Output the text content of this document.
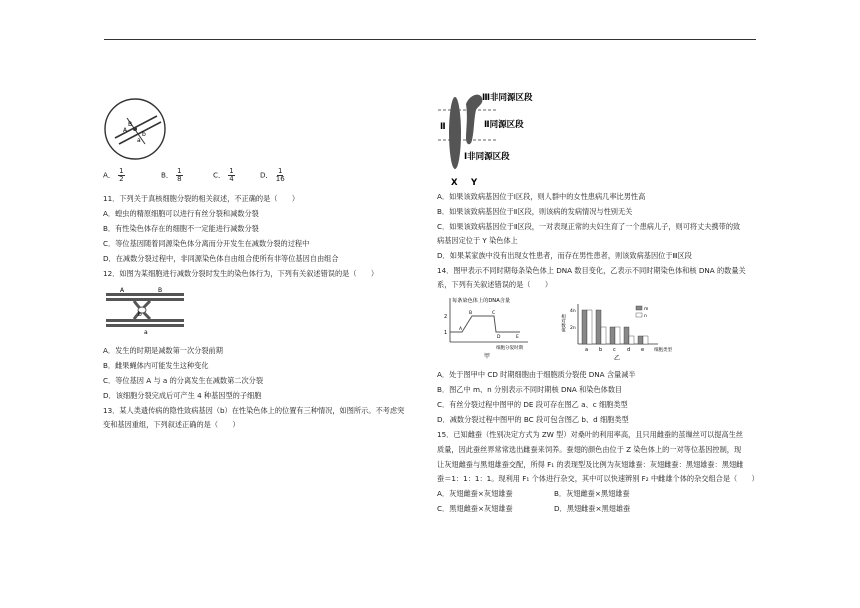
A
a
B
b
A． $\frac{1}{2}$	B． $\frac{1}{8}$	C． $\frac{1}{4}$	D． $\frac{1}{16}$
11．下列关于真核细胞分裂的相关叙述，不正确的是（　　）
A．蝗虫的精原细胞可以进行有丝分裂和减数分裂
B．有性染色体存在的细胞不一定能进行减数分裂
C．等位基因随着同源染色体分离而分开发生在减数分裂的过程中
D．在减数分裂过程中，非同源染色体自由组合使所有非等位基因自由组合
12．如图为某细胞进行减数分裂时发生的染色体行为，下列有关叙述错误的是（　　）
A	B
b
a
A．发生的时期是减数第一次分裂前期
B．雌果蝇体内可能发生这种变化
C．等位基因 A 与 a 的分离发生在减数第二次分裂
D．该细胞分裂完成后可产生 4 种基因型的子细胞
13．某人类遗传病的隐性致病基因（b）在性染色体上的位置有三种情况，如图所示。不考虑突
变和基因重组，下列叙述正确的是（　　）
Ⅲ非同源区段
Ⅱ	Ⅱ同源区段
Ⅰ非同源区段
X Y
A．如果该致病基因位于Ⅰ区段，则人群中的女性患病几率比男性高
B．如果该致病基因位于Ⅱ区段，则该病的发病情况与性别无关
C．如果该致病基因位于Ⅱ区段，一对表现正常的夫妇生育了一个患病儿子，则可将丈夫携带的致
病基因定位于 Y 染色体上
D．如果某家族中没有出现女性患者，而存在男性患者，则该致病基因位于Ⅲ区段
14．图甲表示不同时期每条染色体上 DNA 数目变化，乙表示不同时期染色体和核 DNA 的数量关
系，下列有关叙述错误的是（　　）
每条染色体上的DNA含量
2
1
A
B	C
D	E
细胞分裂时期
甲
相对数值
4n
2n
a b c d e
m
n
细胞类型
乙
A．处于图甲中 CD 时期细胞由于细胞质分裂使 DNA 含量减半
B．图乙中 m、n 分别表示不同时期核 DNA 和染色体数目
C．有丝分裂过程中图甲的 DE 段可存在图乙 a、c 细胞类型
D．减数分裂过程中图甲的 BC 段可包含图乙 b、d 细胞类型
15．已知雌蚕（性别决定方式为 ZW 型）对桑叶的利用率高，且只用雌蚕的茧缫丝可以提高生丝
质量，因此蚕丝界常常选出雌蚕来饲养。蚕翅的颜色由位于 Z 染色体上的一对等位基因控制，现
让灰翅雌蚕与黑翅雄蚕交配，所得 F₁ 的表现型及比例为灰翅雄蚕：灰翅雌蚕：黑翅雄蚕：黑翅雌
蚕＝1：1：1：1。现利用 F₁ 个体进行杂交，其中可以快速辨别 F₂ 中雌雄个体的杂交组合是（　　）
A．灰翅雌蚕×灰翅雄蚕	B．灰翅雌蚕×黑翅雄蚕
C．黑翅雌蚕×灰翅雄蚕	D．黑翅雌蚕×黑翅雄蚕
